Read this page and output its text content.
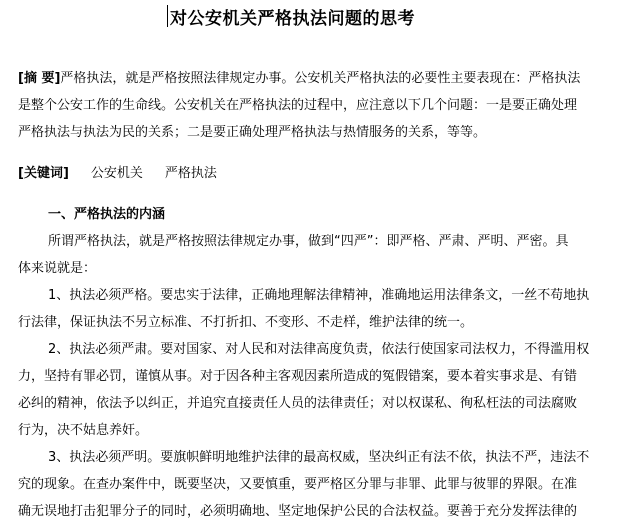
对公安机关严格执法问题的思考
[摘 要]严格执法，就是严格按照法律规定办事。公安机关严格执法的必要性主要表现在：严格执法
是整个公安工作的生命线。公安机关在严格执法的过程中，应注意以下几个问题：一是要正确处理
严格执法与执法为民的关系；二是要正确处理严格执法与热情服务的关系，等等。
[关键词] 公安机关 严格执法
一、严格执法的内涵
所谓严格执法，就是严格按照法律规定办事，做到“四严”：即严格、严肃、严明、严密。具
体来说就是：
1、执法必须严格。要忠实于法律，正确地理解法律精神，准确地运用法律条文，一丝不苟地执
行法律，保证执法不另立标准、不打折扣、不变形、不走样，维护法律的统一。
2、执法必须严肃。要对国家、对人民和对法律高度负责，依法行使国家司法权力，不得滥用权
力，坚持有罪必罚，谨慎从事。对于因各种主客观因素所造成的冤假错案，要本着实事求是、有错
必纠的精神，依法予以纠正，并追究直接责任人员的法律责任；对以权谋私、徇私枉法的司法腐败
行为，决不姑息养奸。
3、执法必须严明。要旗帜鲜明地维护法律的最高权威，坚决纠正有法不依，执法不严，违法不
究的现象。在查办案件中，既要坚决，又要慎重，要严格区分罪与非罪、此罪与彼罪的界限。在准
确无误地打击犯罪分子的同时，必须明确地、坚定地保护公民的合法权益。要善于充分发挥法律的
